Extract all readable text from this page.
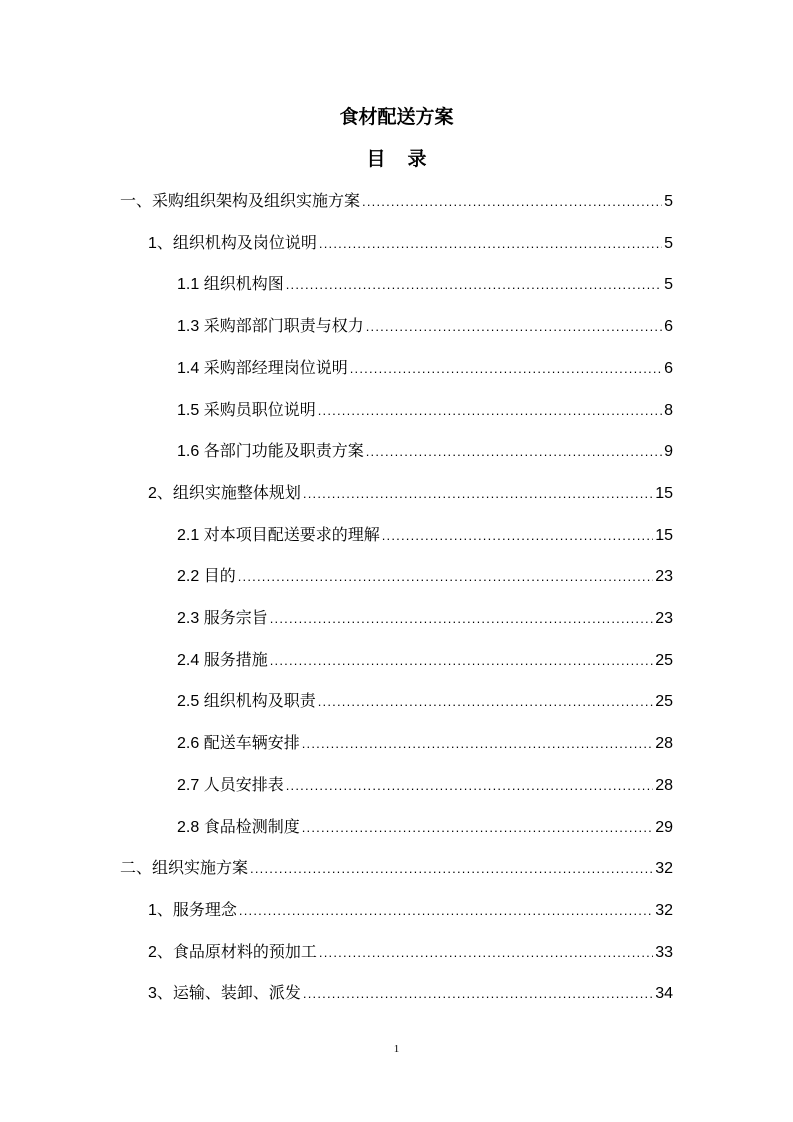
食材配送方案
目录
一、采购组织架构及组织实施方案 .....	5
1、组织机构及岗位说明 .....	5
1.1 组织机构图 .....	5
1.3 采购部部门职责与权力 .....	6
1.4 采购部经理岗位说明 .....	6
1.5 采购员职位说明 .....	8
1.6 各部门功能及职责方案 .....	9
2、组织实施整体规划 .....	15
2.1 对本项目配送要求的理解 .....	15
2.2 目的 .....	23
2.3 服务宗旨 .....	23
2.4 服务措施 .....	25
2.5 组织机构及职责 .....	25
2.6 配送车辆安排 .....	28
2.7 人员安排表 .....	28
2.8 食品检测制度 .....	29
二、组织实施方案 .....	32
1、服务理念 .....	32
2、食品原材料的预加工 .....	33
3、运输、装卸、派发 .....	34
1
